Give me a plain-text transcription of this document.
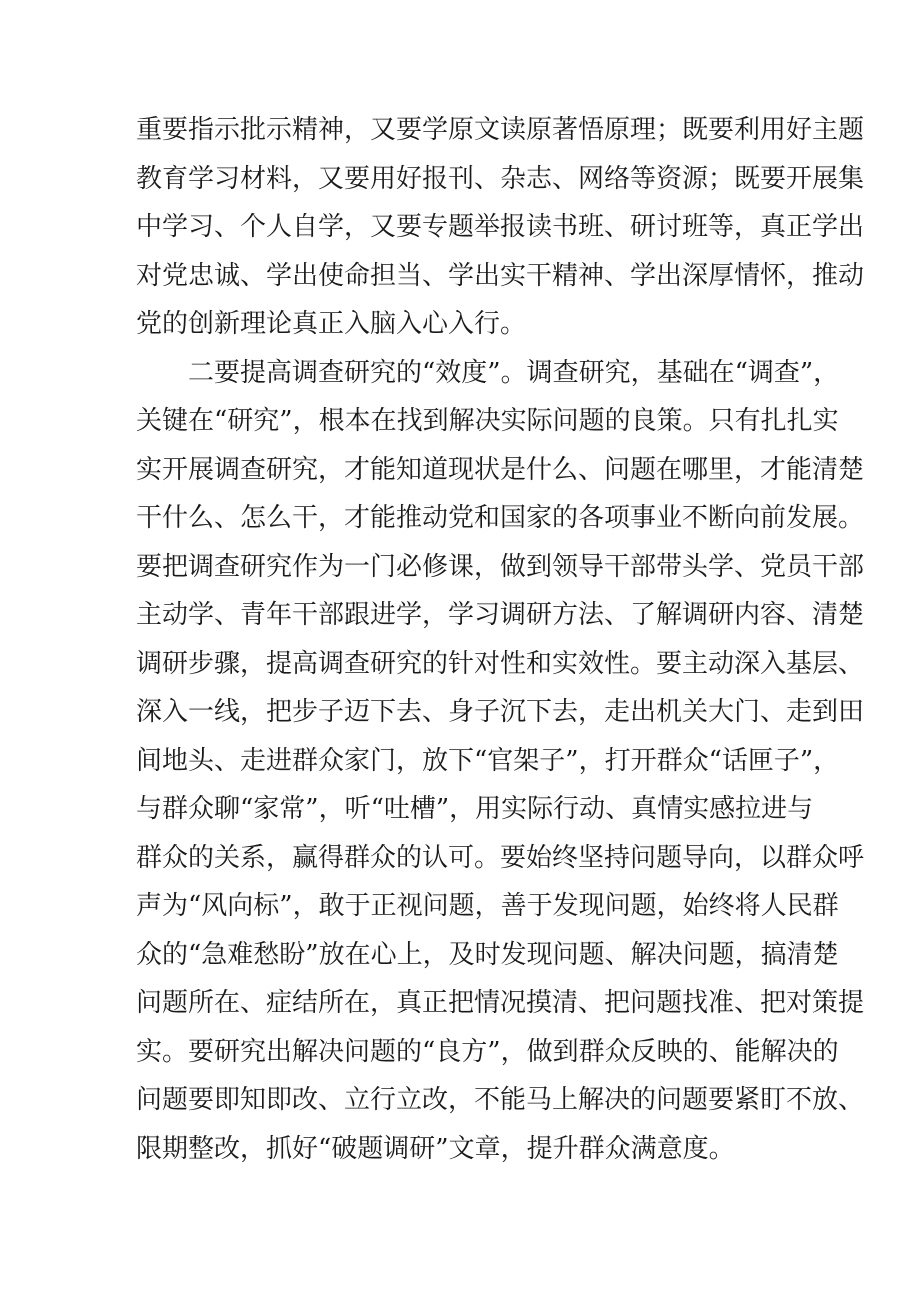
重要指示批示精神，又要学原文读原著悟原理；既要利用好主题
教育学习材料，又要用好报刊、杂志、网络等资源；既要开展集
中学习、个人自学，又要专题举报读书班、研讨班等，真正学出
对党忠诚、学出使命担当、学出实干精神、学出深厚情怀，推动
党的创新理论真正入脑入心入行。
二要提高调查研究的“效度”。调查研究，基础在“调查”，
关键在“研究”，根本在找到解决实际问题的良策。只有扎扎实
实开展调查研究，才能知道现状是什么、问题在哪里，才能清楚
干什么、怎么干，才能推动党和国家的各项事业不断向前发展。
要把调查研究作为一门必修课，做到领导干部带头学、党员干部
主动学、青年干部跟进学，学习调研方法、了解调研内容、清楚
调研步骤，提高调查研究的针对性和实效性。要主动深入基层、
深入一线，把步子迈下去、身子沉下去，走出机关大门、走到田
间地头、走进群众家门，放下“官架子”，打开群众“话匣子”，
与群众聊“家常”，听“吐槽”，用实际行动、真情实感拉进与
群众的关系，赢得群众的认可。要始终坚持问题导向，以群众呼
声为“风向标”，敢于正视问题，善于发现问题，始终将人民群
众的“急难愁盼”放在心上，及时发现问题、解决问题，搞清楚
问题所在、症结所在，真正把情况摸清、把问题找准、把对策提
实。要研究出解决问题的“良方”，做到群众反映的、能解决的
问题要即知即改、立行立改，不能马上解决的问题要紧盯不放、
限期整改，抓好“破题调研”文章，提升群众满意度。
